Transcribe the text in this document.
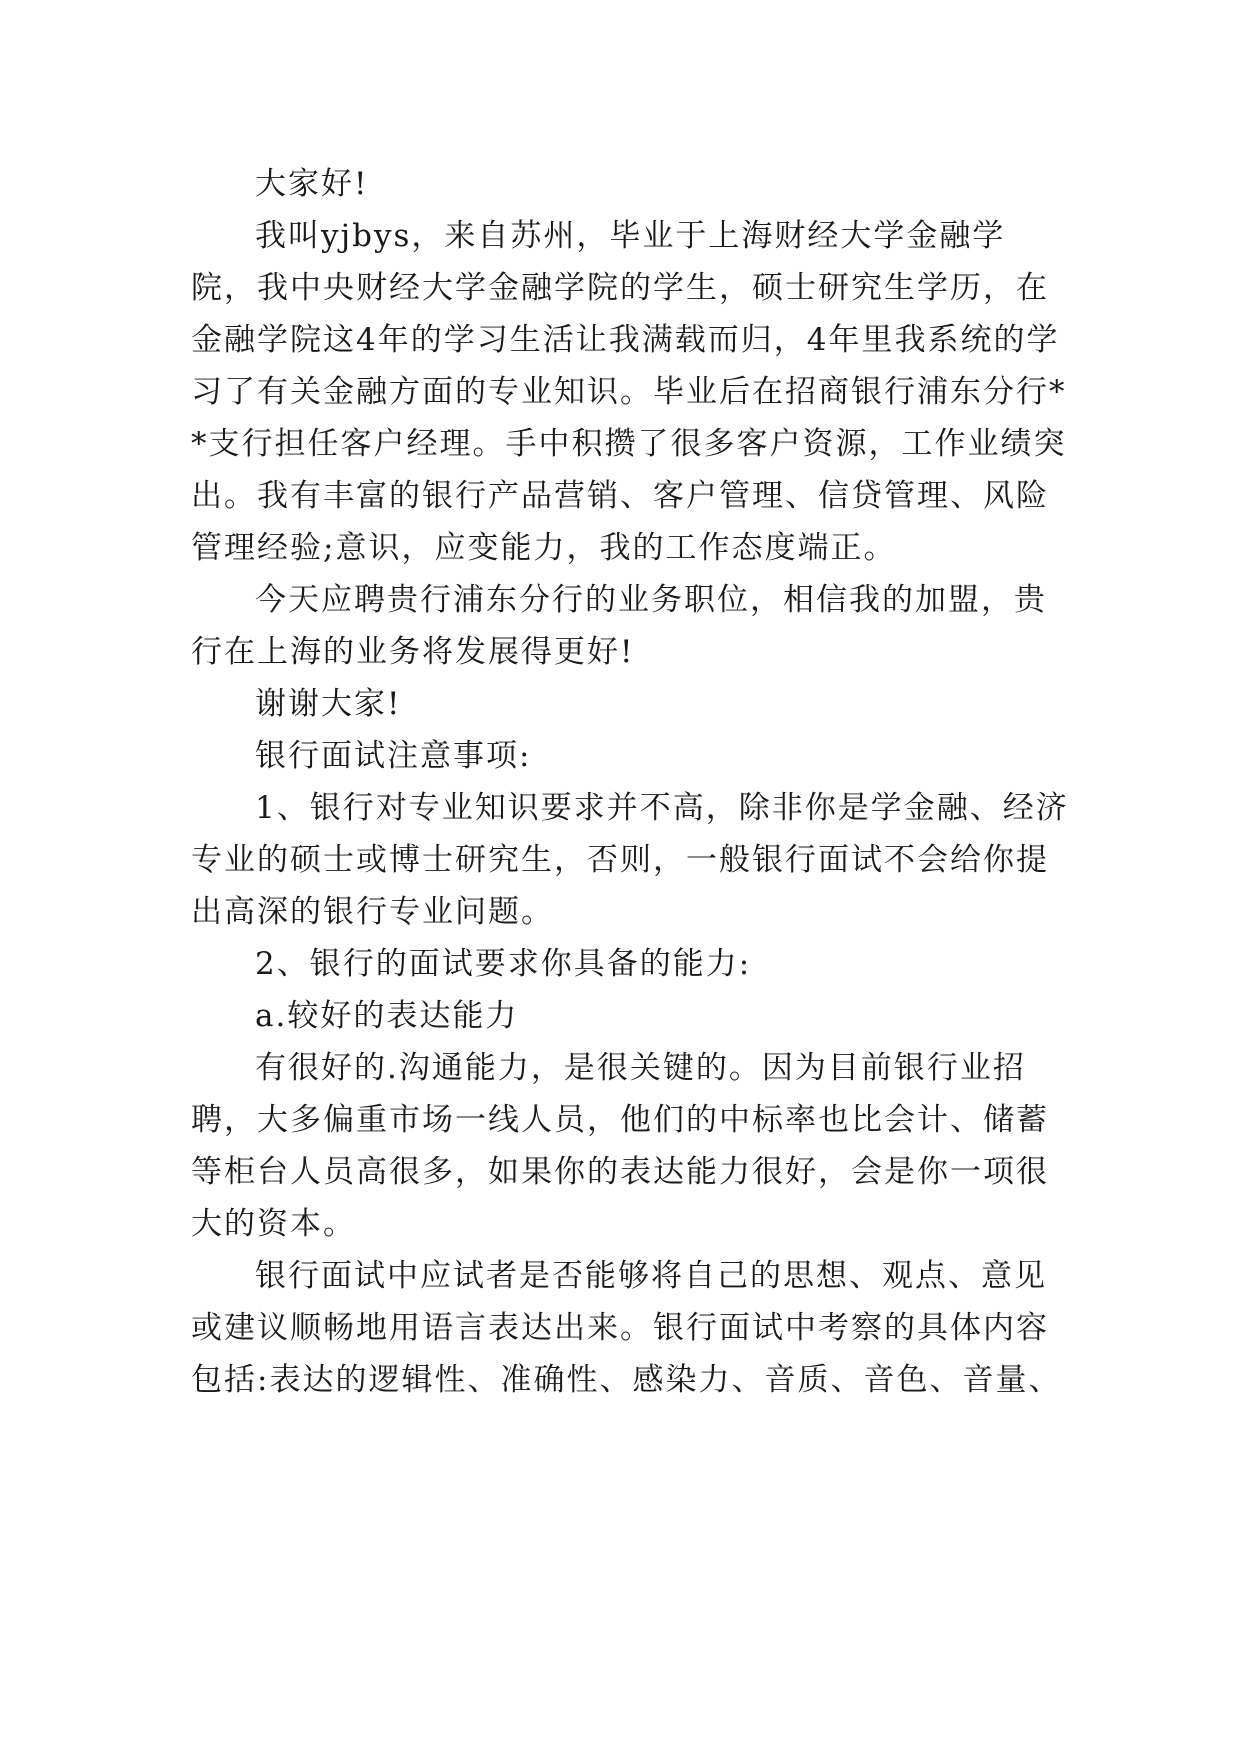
大家好!

我叫yjbys，来自苏州，毕业于上海财经大学金融学院，我中央财经大学金融学院的学生，硕士研究生学历，在金融学院这4年的学习生活让我满载而归，4年里我系统的学习了有关金融方面的专业知识。毕业后在招商银行浦东分行**支行担任客户经理。手中积攒了很多客户资源，工作业绩突出。我有丰富的银行产品营销、客户管理、信贷管理、风险管理经验;意识，应变能力，我的工作态度端正。

今天应聘贵行浦东分行的业务职位，相信我的加盟，贵行在上海的业务将发展得更好!

谢谢大家!

银行面试注意事项:

1、银行对专业知识要求并不高，除非你是学金融、经济专业的硕士或博士研究生，否则，一般银行面试不会给你提出高深的银行专业问题。

2、银行的面试要求你具备的能力:

a.较好的表达能力

有很好的.沟通能力，是很关键的。因为目前银行业招聘，大多偏重市场一线人员，他们的中标率也比会计、储蓄等柜台人员高很多，如果你的表达能力很好，会是你一项很大的资本。

银行面试中应试者是否能够将自己的思想、观点、意见或建议顺畅地用语言表达出来。银行面试中考察的具体内容包括:表达的逻辑性、准确性、感染力、音质、音色、音量、
